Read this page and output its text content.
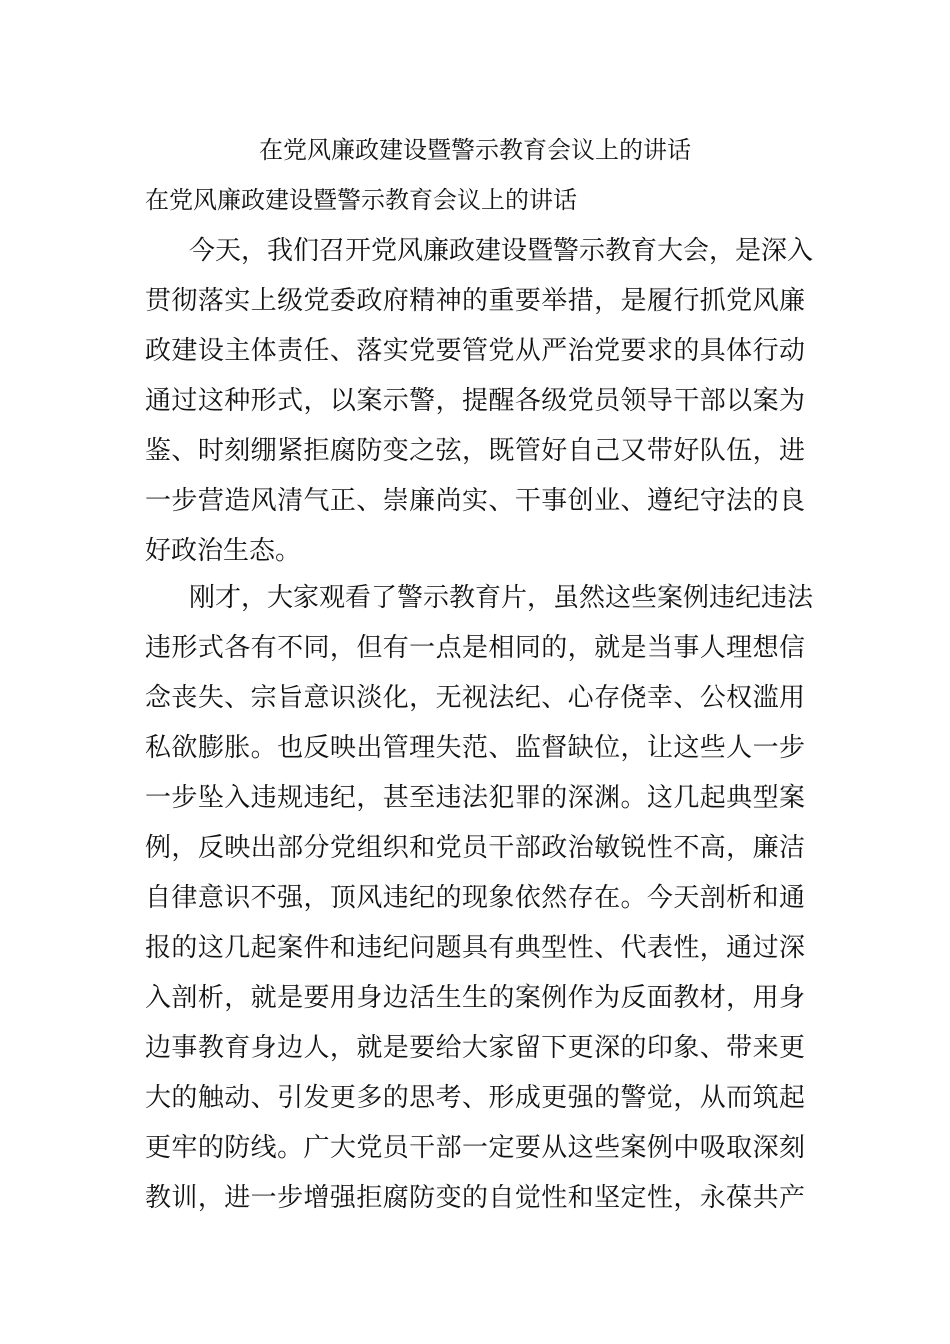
在党风廉政建设暨警示教育会议上的讲话
在党风廉政建设暨警示教育会议上的讲话
今天，我们召开党风廉政建设暨警示教育大会，是深入
贯彻落实上级党委政府精神的重要举措，是履行抓党风廉
政建设主体责任、落实党要管党从严治党要求的具体行动
通过这种形式，以案示警，提醒各级党员领导干部以案为
鉴、时刻绷紧拒腐防变之弦，既管好自己又带好队伍，进
一步营造风清气正、崇廉尚实、干事创业、遵纪守法的良
好政治生态。
刚才，大家观看了警示教育片，虽然这些案例违纪违法
违形式各有不同，但有一点是相同的，就是当事人理想信
念丧失、宗旨意识淡化，无视法纪、心存侥幸、公权滥用
私欲膨胀。也反映出管理失范、监督缺位，让这些人一步
一步坠入违规违纪，甚至违法犯罪的深渊。这几起典型案
例，反映出部分党组织和党员干部政治敏锐性不高，廉洁
自律意识不强，顶风违纪的现象依然存在。今天剖析和通
报的这几起案件和违纪问题具有典型性、代表性，通过深
入剖析，就是要用身边活生生的案例作为反面教材，用身
边事教育身边人，就是要给大家留下更深的印象、带来更
大的触动、引发更多的思考、形成更强的警觉，从而筑起
更牢的防线。广大党员干部一定要从这些案例中吸取深刻
教训，进一步增强拒腐防变的自觉性和坚定性，永葆共产
